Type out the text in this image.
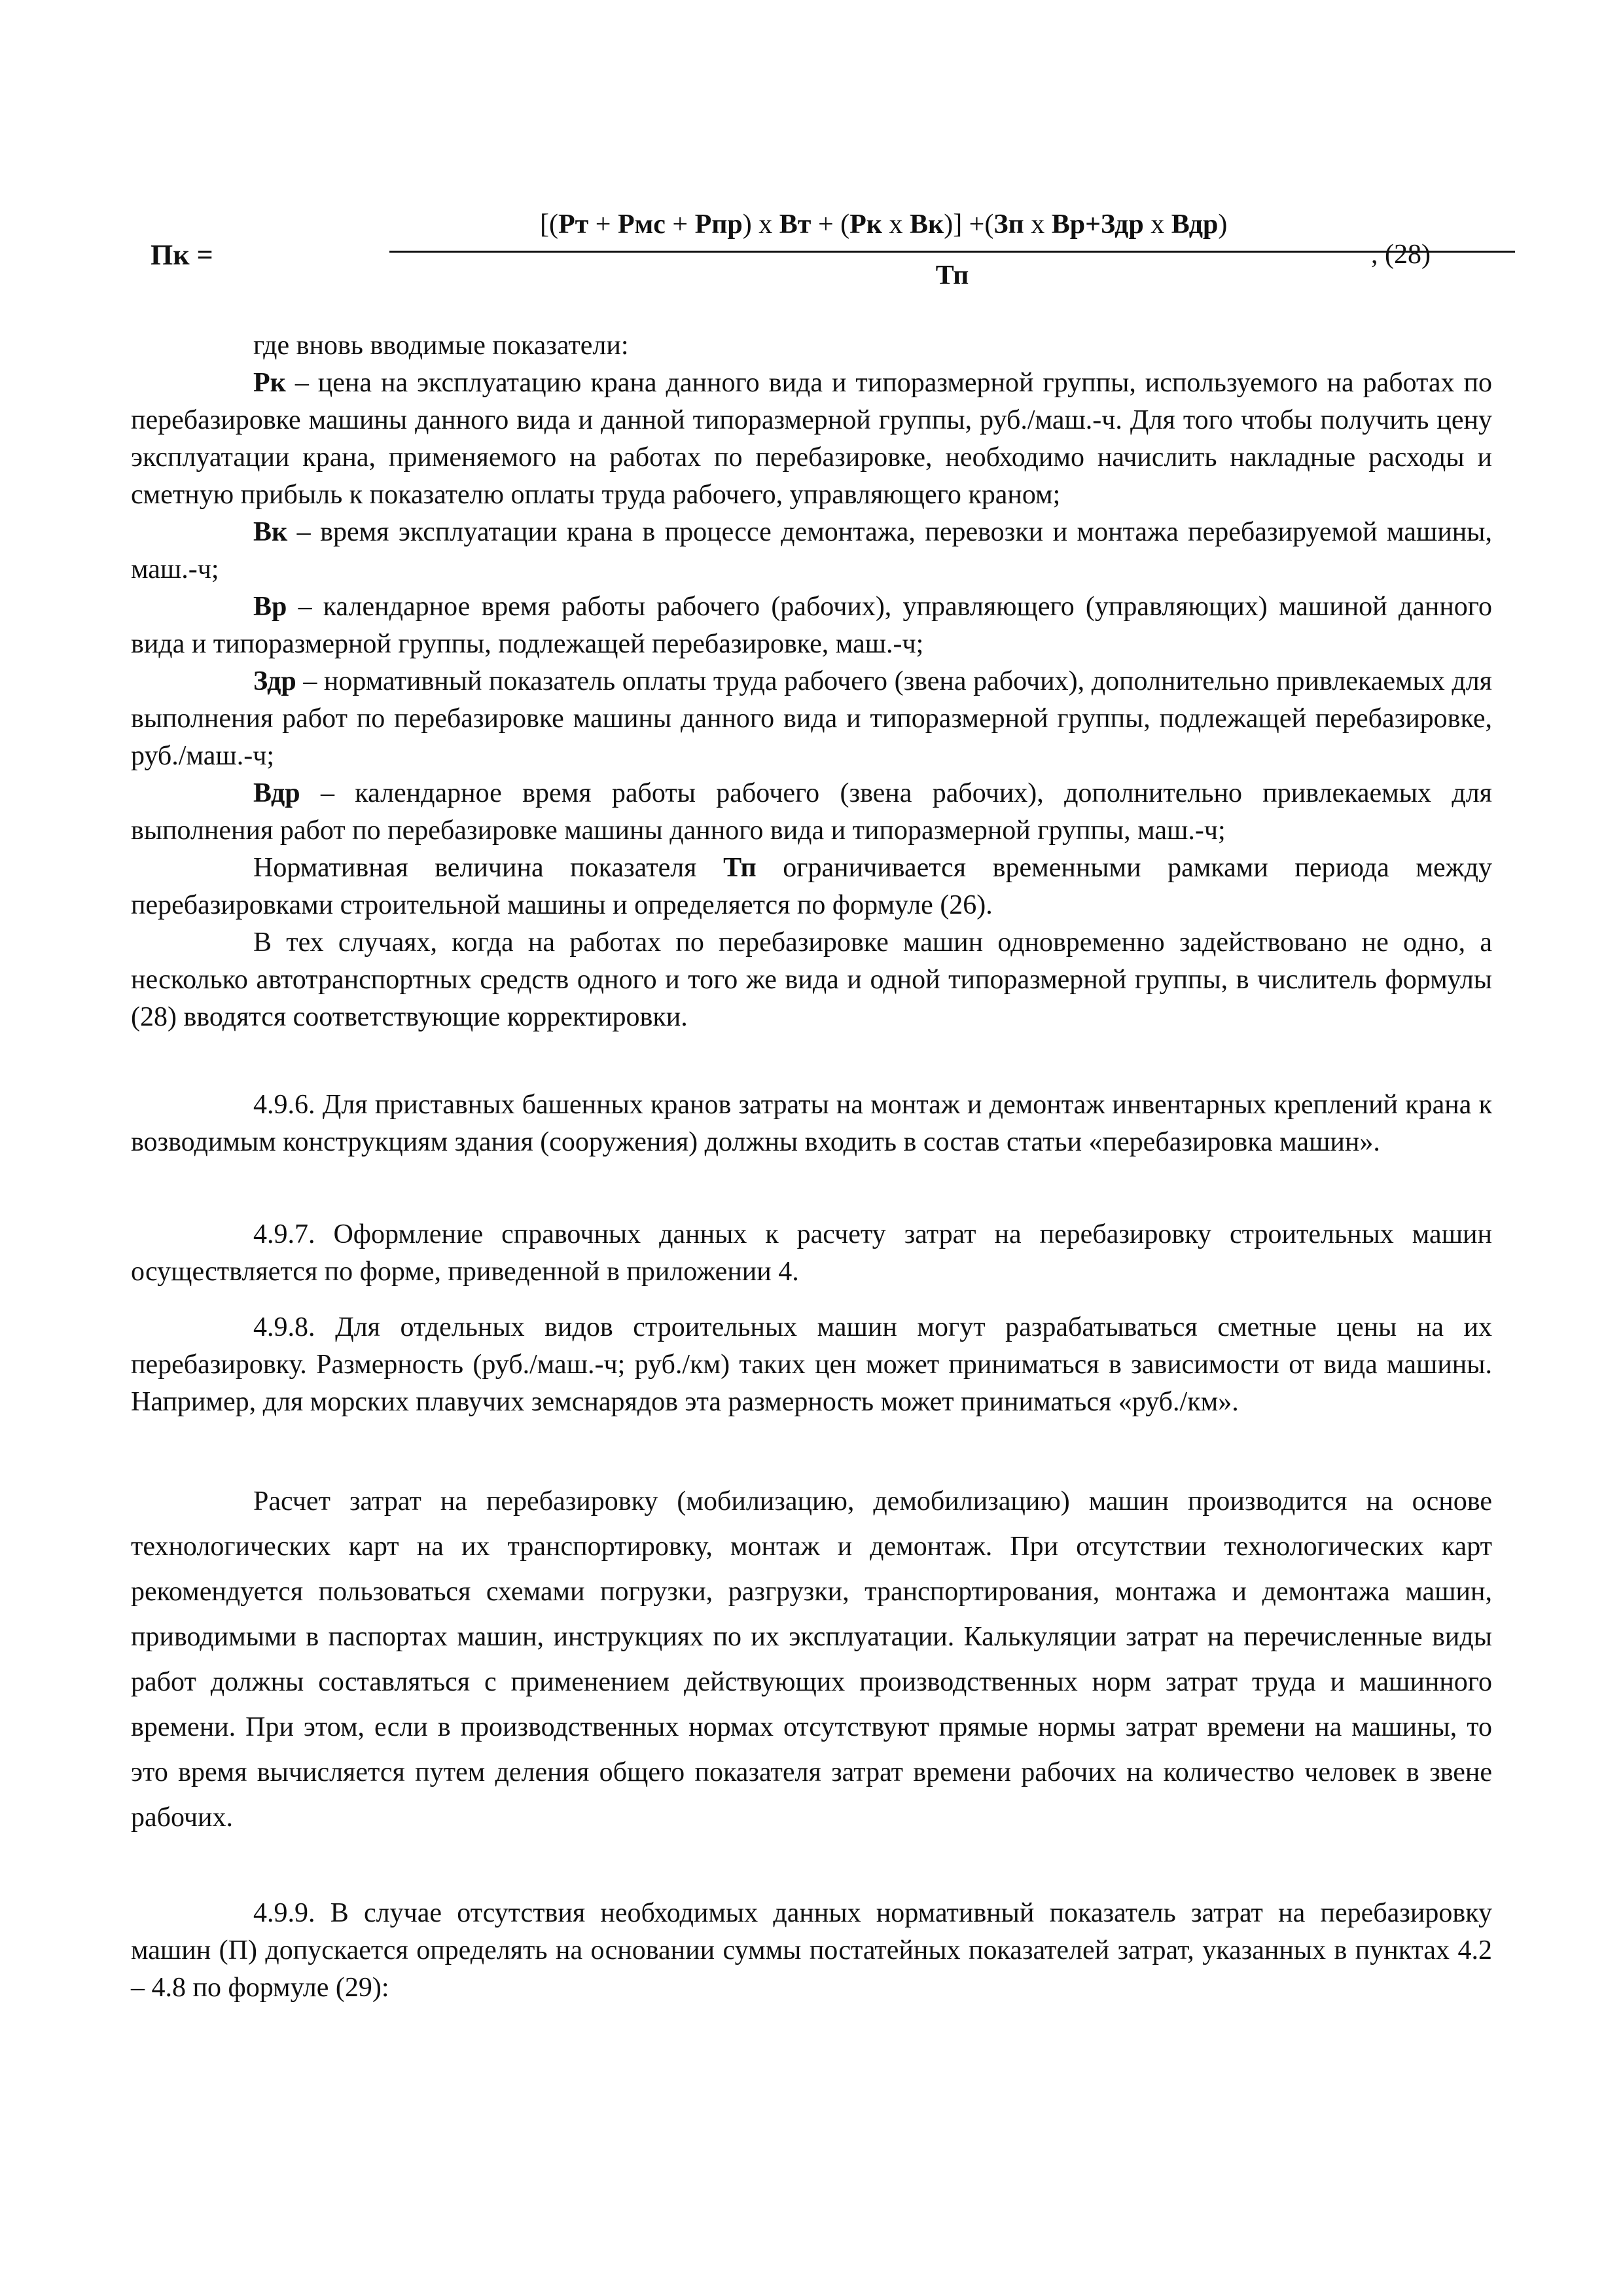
Пк =
[(Рт + Рмс + Рпр) х Вт + (Рк х Вк)] +(Зп х Вр+Здр х Вдр)
Тп
, (28)

где вновь вводимые показатели:

Рк – цена на эксплуатацию крана данного вида и типоразмерной группы, используемого на работах по перебазировке машины данного вида и данной типоразмерной группы, руб./маш.-ч. Для того чтобы получить цену эксплуатации крана, применяемого на работах по перебазировке, необходимо начислить накладные расходы и сметную прибыль к показателю оплаты труда рабочего, управляющего краном;

Вк – время эксплуатации крана в процессе демонтажа, перевозки и монтажа перебазируемой машины, маш.-ч;

Вр – календарное время работы рабочего (рабочих), управляющего (управляющих) машиной данного вида и типоразмерной группы, подлежащей перебазировке, маш.-ч;

Здр – нормативный показатель оплаты труда рабочего (звена рабочих), дополнительно привлекаемых для выполнения работ по перебазировке машины данного вида и типоразмерной группы, подлежащей перебазировке, руб./маш.-ч;

Вдр – календарное время работы рабочего (звена рабочих), дополнительно привлекаемых для выполнения работ по перебазировке машины данного вида и типоразмерной группы, маш.-ч;

Нормативная величина показателя Тп ограничивается временными рамками периода между перебазировками строительной машины и определяется по формуле (26).

В тех случаях, когда на работах по перебазировке машин одновременно задействовано не одно, а несколько автотранспортных средств одного и того же вида и одной типоразмерной группы, в числитель формулы (28) вводятся соответствующие корректировки.

4.9.6. Для приставных башенных кранов затраты на монтаж и демонтаж инвентарных креплений крана к возводимым конструкциям здания (сооружения) должны входить в состав статьи «перебазировка машин».

4.9.7. Оформление справочных данных к расчету затрат на перебазировку строительных машин осуществляется по форме, приведенной в приложении 4.

4.9.8. Для отдельных видов строительных машин могут разрабатываться сметные цены на их перебазировку. Размерность (руб./маш.-ч; руб./км) таких цен может приниматься в зависимости от вида машины. Например, для морских плавучих земснарядов эта размерность может приниматься «руб./км».

Расчет затрат на перебазировку (мобилизацию, демобилизацию) машин производится на основе технологических карт на их транспортировку, монтаж и демонтаж. При отсутствии технологических карт рекомендуется пользоваться схемами погрузки, разгрузки, транспортирования, монтажа и демонтажа машин, приводимыми в паспортах машин, инструкциях по их эксплуатации. Калькуляции затрат на перечисленные виды работ должны составляться с применением действующих производственных норм затрат труда и машинного времени. При этом, если в производственных нормах отсутствуют прямые нормы затрат времени на машины, то это время вычисляется путем деления общего показателя затрат времени рабочих на количество человек в звене рабочих.

4.9.9. В случае отсутствия необходимых данных нормативный показатель затрат на перебазировку машин (П) допускается определять на основании суммы постатейных показателей затрат, указанных в пунктах 4.2 – 4.8 по формуле (29):
